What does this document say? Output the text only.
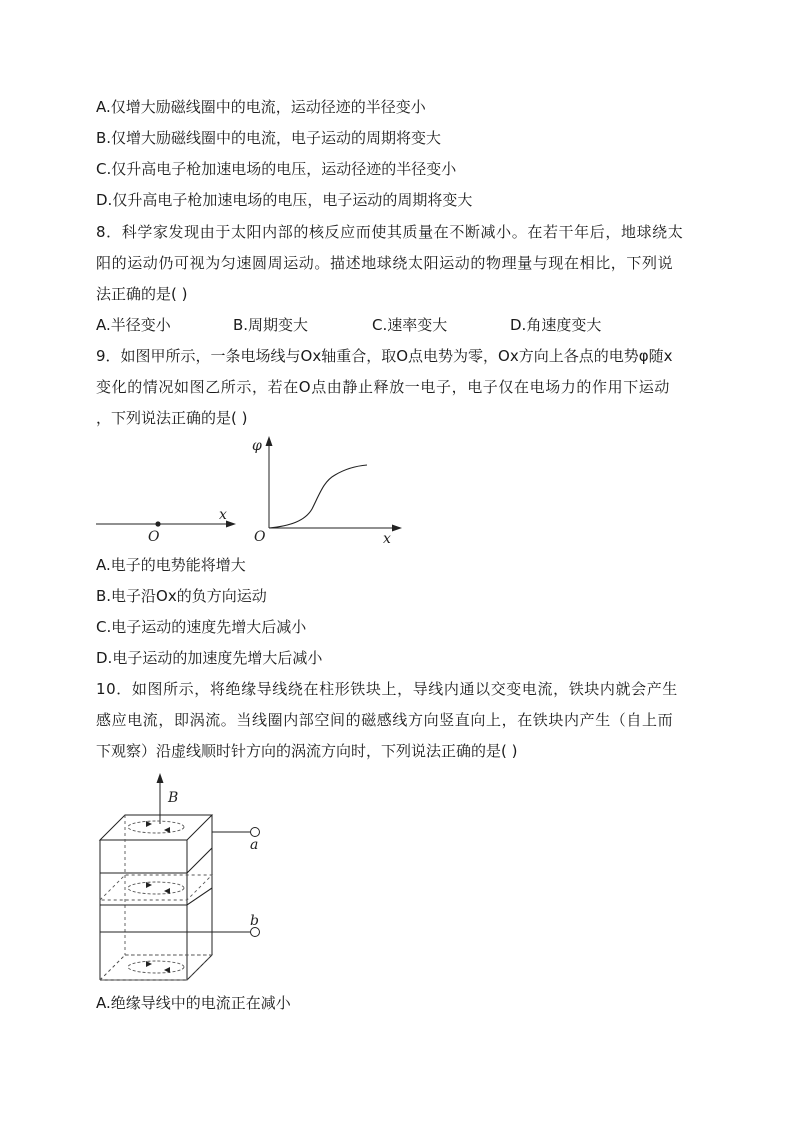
A.仅增大励磁线圈中的电流，运动径迹的半径变小
B.仅增大励磁线圈中的电流，电子运动的周期将变大
C.仅升高电子枪加速电场的电压，运动径迹的半径变小
D.仅升高电子枪加速电场的电压，电子运动的周期将变大
8．科学家发现由于太阳内部的核反应而使其质量在不断减小。在若干年后，地球绕太
阳的运动仍可视为匀速圆周运动。描述地球绕太阳运动的物理量与现在相比，下列说
法正确的是( )
A.半径变小	B.周期变大	C.速率变大	D.角速度变大
9．如图甲所示，一条电场线与Ox轴重合，取O点电势为零，Ox方向上各点的电势φ随x
变化的情况如图乙所示，若在O点由静止释放一电子，电子仅在电场力的作用下运动
，下列说法正确的是( )
O
x
φ
O	x
A.电子的电势能将增大
B.电子沿Ox的负方向运动
C.电子运动的速度先增大后减小
D.电子运动的加速度先增大后减小
10．如图所示，将绝缘导线绕在柱形铁块上，导线内通以交变电流，铁块内就会产生
感应电流，即涡流。当线圈内部空间的磁感线方向竖直向上，在铁块内产生（自上而
下观察）沿虚线顺时针方向的涡流方向时，下列说法正确的是( )
B
a
b
A.绝缘导线中的电流正在减小
